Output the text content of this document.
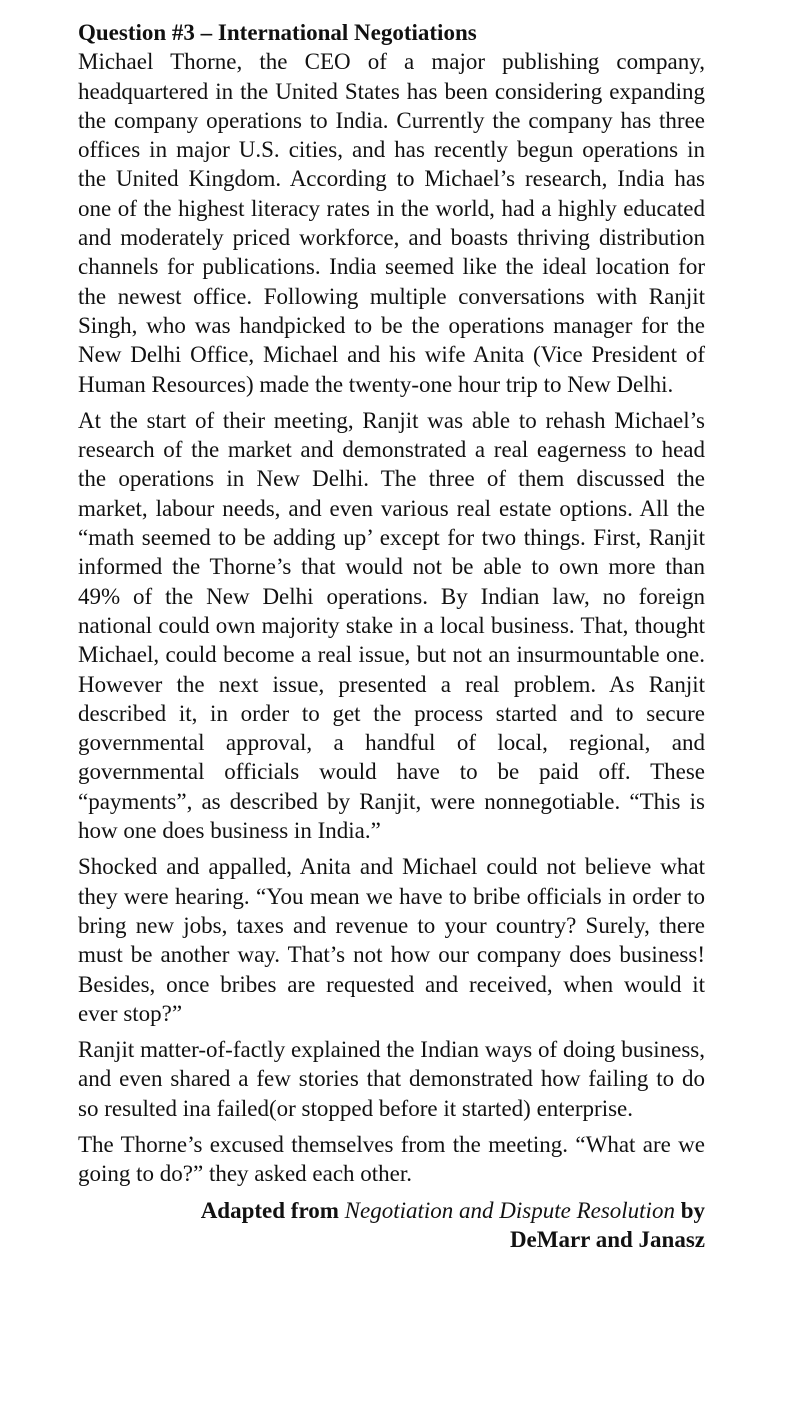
Question #3 – International Negotiations

Michael Thorne, the CEO of a major publishing company, headquartered in the United States has been considering expanding the company operations to India. Currently the company has three offices in major U.S. cities, and has recently begun operations in the United Kingdom. According to Michael’s research, India has one of the highest literacy rates in the world, had a highly educated and moderately priced workforce, and boasts thriving distribution channels for publications. India seemed like the ideal location for the newest office. Following multiple conversations with Ranjit Singh, who was handpicked to be the operations manager for the New Delhi Office, Michael and his wife Anita (Vice President of Human Resources) made the twenty-one hour trip to New Delhi.

At the start of their meeting, Ranjit was able to rehash Michael’s research of the market and demonstrated a real eagerness to head the operations in New Delhi. The three of them discussed the market, labour needs, and even various real estate options. All the “math seemed to be adding up’ except for two things. First, Ranjit informed the Thorne’s that would not be able to own more than 49% of the New Delhi operations. By Indian law, no foreign national could own majority stake in a local business. That, thought Michael, could become a real issue, but not an insurmountable one. However the next issue, presented a real problem. As Ranjit described it, in order to get the process started and to secure governmental approval, a handful of local, regional, and governmental officials would have to be paid off. These “payments”, as described by Ranjit, were nonnegotiable. “This is how one does business in India.”

Shocked and appalled, Anita and Michael could not believe what they were hearing. “You mean we have to bribe officials in order to bring new jobs, taxes and revenue to your country? Surely, there must be another way. That’s not how our company does business! Besides, once bribes are requested and received, when would it ever stop?”

Ranjit matter-of-factly explained the Indian ways of doing business, and even shared a few stories that demonstrated how failing to do so resulted ina failed(or stopped before it started) enterprise.

The Thorne’s excused themselves from the meeting. “What are we going to do?” they asked each other.

Adapted from Negotiation and Dispute Resolution by
DeMarr and Janasz
